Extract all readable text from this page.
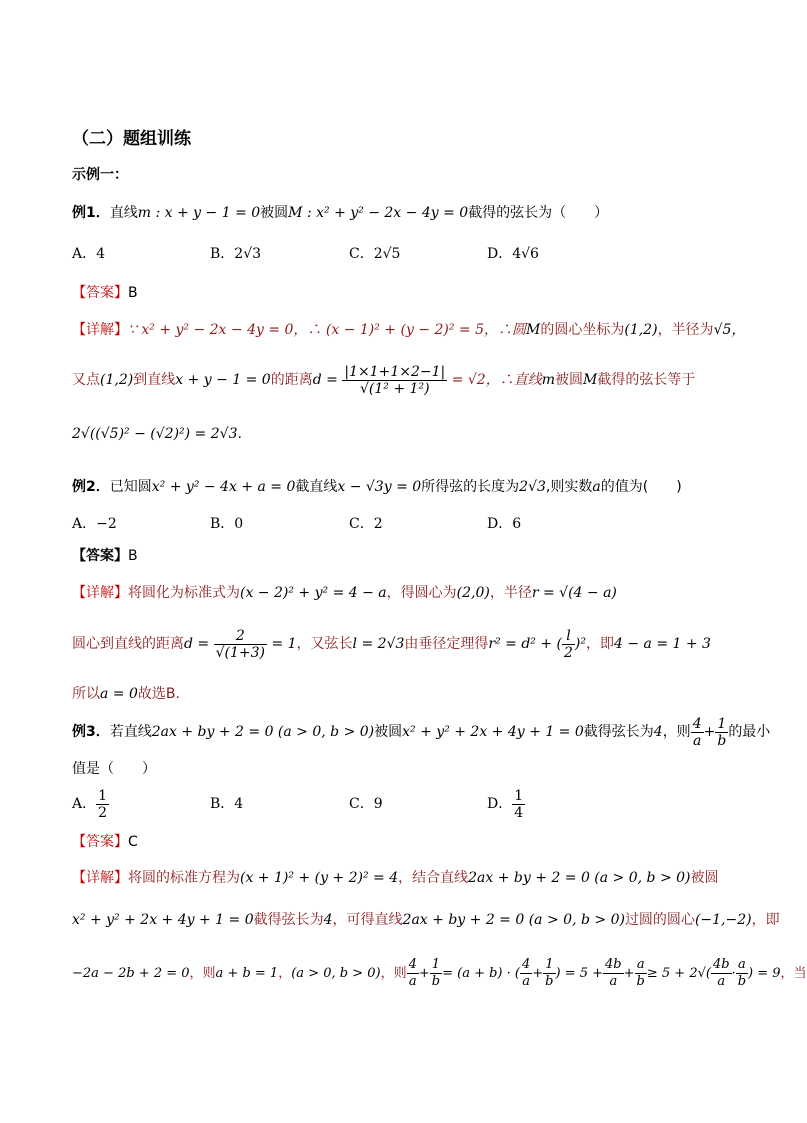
（二）题组训练
示例一：
例1．直线m : x + y − 1 = 0被圆M : x² + y² − 2x − 4y = 0截得的弦长为（　　）
A．4	B．2√3	C．2√5	D．4√6
【答案】B
【详解】∵ x² + y² − 2x − 4y = 0，∴ (x − 1)² + (y − 2)² = 5，∴圆M的圆心坐标为(1,2)，半径为√5，
又点(1,2)到直线x + y − 1 = 0的距离$d = \frac{|1\times 1+1\times 2-1|}{\text{√(1² + 1²)}} = √2$，∴直线m被圆M截得的弦长等于
2√((√5)² − (√2)²) = 2√3.
例2．已知圆x² + y² − 4x + a = 0截直线x − √3y = 0所得弦的长度为2√3,则实数a的值为(　　)
A．−2	B．0	C．2	D．6
【答案】B
【详解】将圆化为标准式为(x − 2)² + y² = 4 − a，得圆心为(2,0)，半径r = √(4 − a)
圆心到直线的距离$d = \frac{2}{√(1+3)} = 1$，又弦长l = 2√3由垂径定理得r² = d² + ( $\frac{l}{2} )^2$，即4 − a = 1 + 3
所以a = 0故选B.
例3．若直线2ax + by + 2 = 0 (a > 0, b > 0)被圆x² + y² + 2x + 4y + 1 = 0截得弦长为4，则 $\frac{4}{a} + \frac{1}{b}$ 的最小
值是（　　）
A． $\frac{1}{2}$	B．4	C．9	D． $\frac{1}{4}$
【答案】C
【详解】将圆的标准方程为(x + 1)² + (y + 2)² = 4，结合直线2ax + by + 2 = 0 (a > 0, b > 0)被圆
x² + y² + 2x + 4y + 1 = 0截得弦长为4，可得直线2ax + by + 2 = 0 (a > 0, b > 0)过圆的圆心(−1,−2)，即
−2a − 2b + 2 = 0，则a + b = 1，(a > 0, b > 0)，则 $\frac{4}{a} + \frac{1}{b} = (a + b)$ · ( $\frac{4}{a} + \frac{1}{b}$ ) = $5 + \frac{4b}{a} + \frac{a}{b} \ge 5 + 2√( \frac{4b}{a} \cdot \frac{a}{b}$ ) = 9，当
